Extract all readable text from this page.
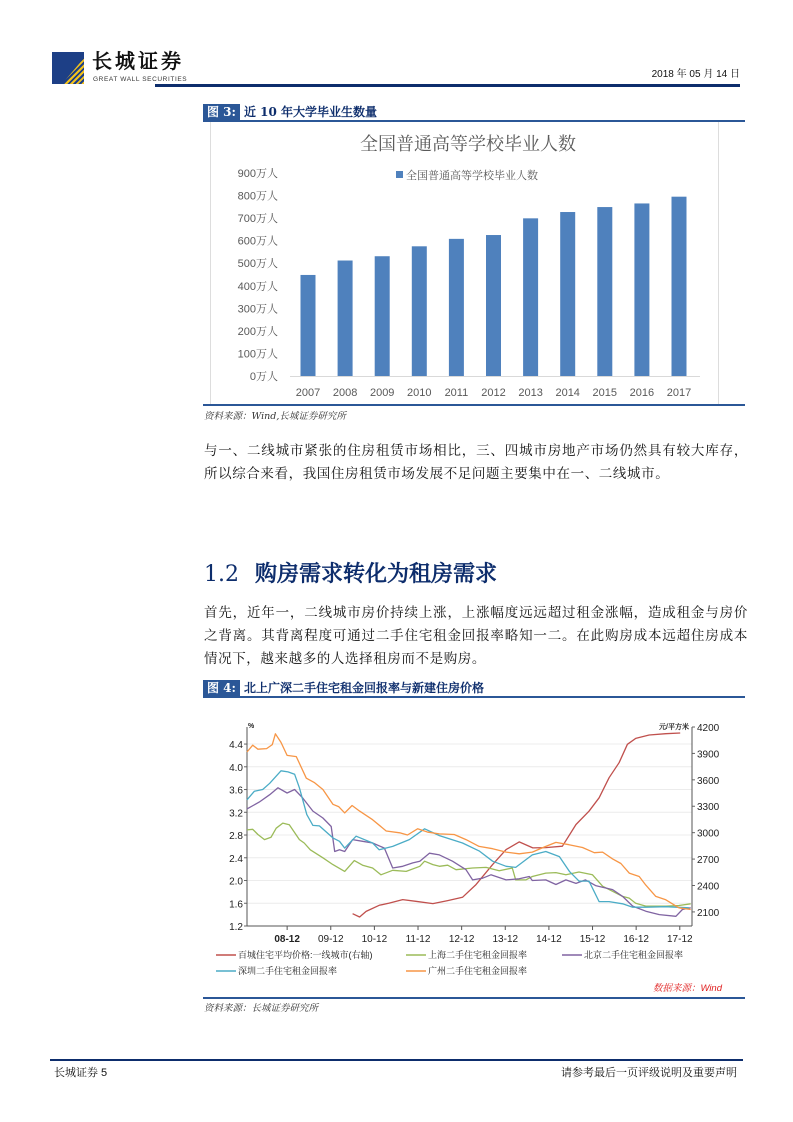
长城证券
GREAT WALL SECURITIES	2018 年 05 月 14 日
图 3: 近 10 年大学毕业生数量
全国普通高等学校毕业人数
全国普通高等学校毕业人数
0万人
100万人
200万人
300万人
400万人
500万人
600万人
700万人
800万人
900万人
2007 2008 2009 2010 2011 2012 2013 2014 2015 2016 2017
资料来源：Wind,长城证券研究所
与一、二线城市紧张的住房租赁市场相比，三、四城市房地产市场仍然具有较大库存，所以综合来看，我国住房租赁市场发展不足问题主要集中在一、二线城市。
1.2 购房需求转化为租房需求
首先，近年一，二线城市房价持续上涨，上涨幅度远远超过租金涨幅，造成租金与房价之背离。其背离程度可通过二手住宅租金回报率略知一二。在此购房成本远超住房成本情况下，越来越多的人选择租房而不是购房。
图 4: 北上广深二手住宅租金回报率与新建住房价格
1.2
1.6
2.0
2.4
2.8
3.2
3.6
4.0
4.4
2100
2400
2700
3000
3300
3600
3900
4200
%	元/平方米
08-12 09-12 10-12 11-12 12-12 13-12 14-12 15-12 16-12 17-12
百城住宅平均价格:一线城市(右轴)	上海二手住宅租金回报率	北京二手住宅租金回报率
深圳二手住宅租金回报率	广州二手住宅租金回报率
数据来源：Wind
资料来源：长城证券研究所
长城证券 5	请参考最后一页评级说明及重要声明
